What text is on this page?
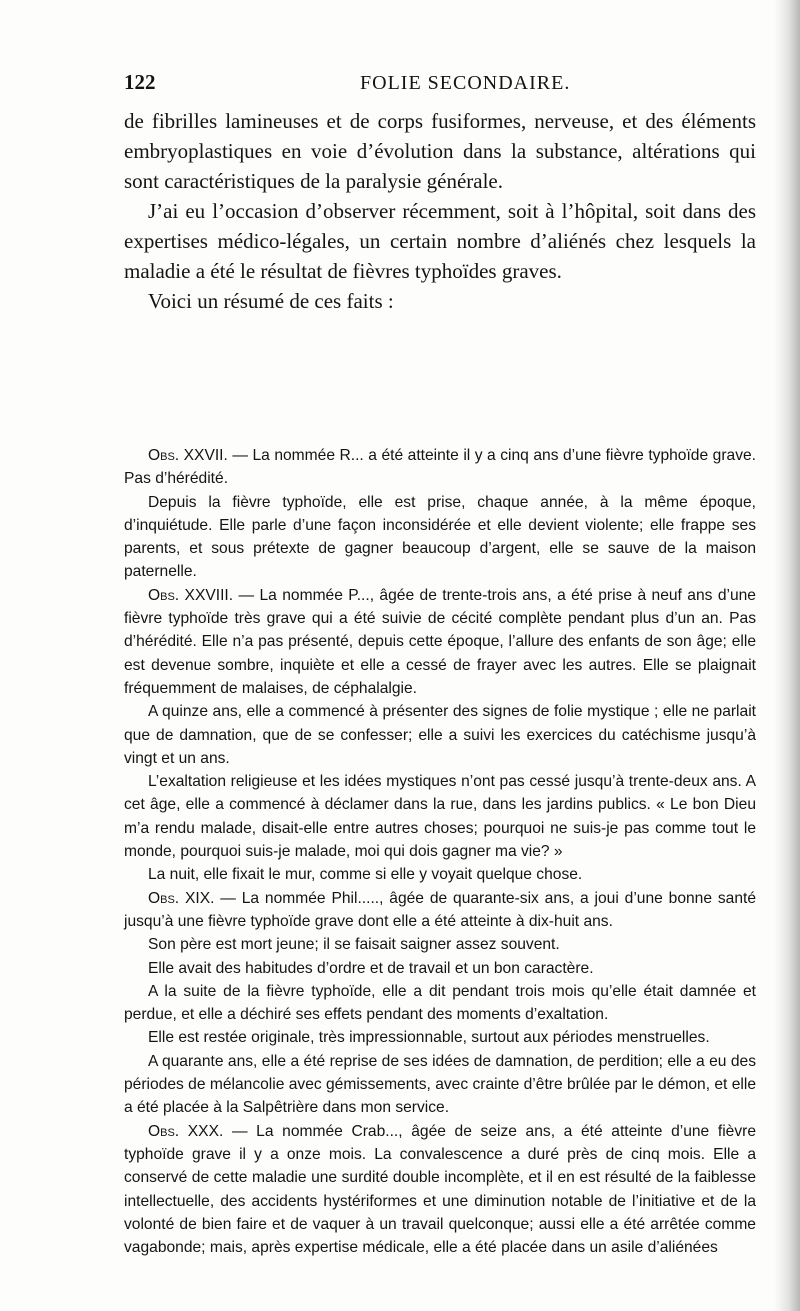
122	FOLIE SECONDAIRE.

de fibrilles lamineuses et de corps fusiformes, nerveuse, et des éléments embryoplastiques en voie d’évolution dans la substance, altérations qui sont caractéristiques de la paralysie générale.

J’ai eu l’occasion d’observer récemment, soit à l’hôpital, soit dans des expertises médico-légales, un certain nombre d’aliénés chez lesquels la maladie a été le résultat de fièvres typhoïdes graves.

Voici un résumé de ces faits :

Obs. XXVII. — La nommée R... a été atteinte il y a cinq ans d’une fièvre typhoïde grave. Pas d’hérédité.

Depuis la fièvre typhoïde, elle est prise, chaque année, à la même époque, d’inquiétude. Elle parle d’une façon inconsidérée et elle devient violente; elle frappe ses parents, et sous prétexte de gagner beaucoup d’argent, elle se sauve de la maison paternelle.

Obs. XXVIII. — La nommée P..., âgée de trente-trois ans, a été prise à neuf ans d’une fièvre typhoïde très grave qui a été suivie de cécité complète pendant plus d’un an. Pas d’hérédité. Elle n’a pas présenté, depuis cette époque, l’allure des enfants de son âge; elle est devenue sombre, inquiète et elle a cessé de frayer avec les autres. Elle se plaignait fréquemment de malaises, de céphalalgie.

A quinze ans, elle a commencé à présenter des signes de folie mystique ; elle ne parlait que de damnation, que de se confesser; elle a suivi les exercices du catéchisme jusqu’à vingt et un ans.

L’exaltation religieuse et les idées mystiques n’ont pas cessé jusqu’à trente-deux ans. A cet âge, elle a commencé à déclamer dans la rue, dans les jardins publics. « Le bon Dieu m’a rendu malade, disait-elle entre autres choses; pourquoi ne suis-je pas comme tout le monde, pourquoi suis-je malade, moi qui dois gagner ma vie? »

La nuit, elle fixait le mur, comme si elle y voyait quelque chose.

Obs. XIX. — La nommée Phil....., âgée de quarante-six ans, a joui d’une bonne santé jusqu’à une fièvre typhoïde grave dont elle a été atteinte à dix-huit ans.

Son père est mort jeune; il se faisait saigner assez souvent.

Elle avait des habitudes d’ordre et de travail et un bon caractère.

A la suite de la fièvre typhoïde, elle a dit pendant trois mois qu’elle était damnée et perdue, et elle a déchiré ses effets pendant des moments d’exaltation.

Elle est restée originale, très impressionnable, surtout aux périodes menstruelles.

A quarante ans, elle a été reprise de ses idées de damnation, de perdition; elle a eu des périodes de mélancolie avec gémissements, avec crainte d’être brûlée par le démon, et elle a été placée à la Salpêtrière dans mon service.

Obs. XXX. — La nommée Crab..., âgée de seize ans, a été atteinte d’une fièvre typhoïde grave il y a onze mois. La convalescence a duré près de cinq mois. Elle a conservé de cette maladie une surdité double incomplète, et il en est résulté de la faiblesse intellectuelle, des accidents hystériformes et une diminution notable de l’initiative et de la volonté de bien faire et de vaquer à un travail quelconque; aussi elle a été arrêtée comme vagabonde; mais, après expertise médicale, elle a été placée dans un asile d’aliénées
